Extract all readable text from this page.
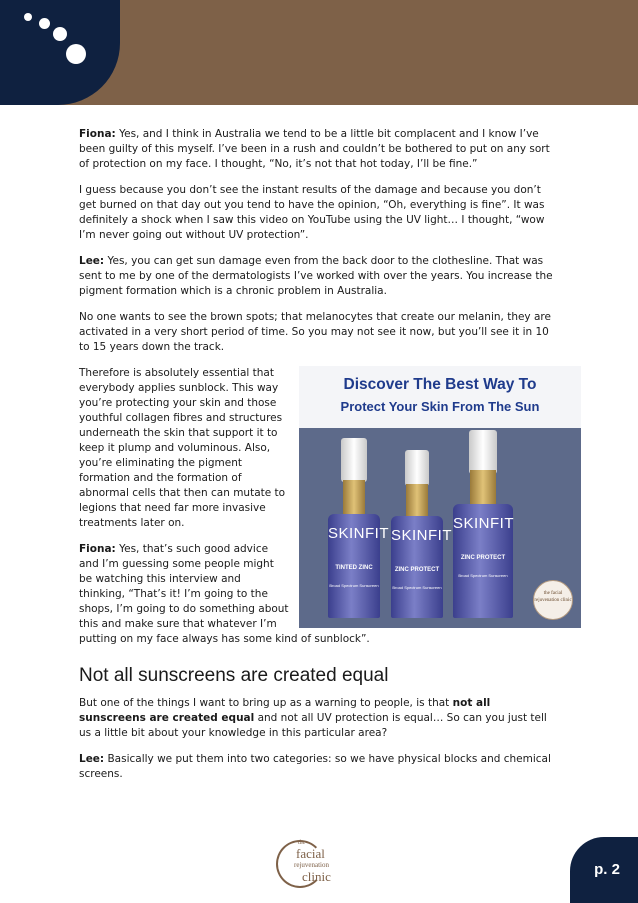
Fiona: Yes, and I think in Australia we tend to be a little bit complacent and I know I’ve been guilty of this myself. I’ve been in a rush and couldn’t be bothered to put on any sort of protection on my face. I thought, “No, it’s not that hot today, I’ll be fine.”

I guess because you don’t see the instant results of the damage and because you don’t get burned on that day out you tend to have the opinion, “Oh, everything is fine”. It was definitely a shock when I saw this video on YouTube using the UV light… I thought, “wow I’m never going out without UV protection”.

Lee: Yes, you can get sun damage even from the back door to the clothesline. That was sent to me by one of the dermatologists I’ve worked with over the years. You increase the pigment formation which is a chronic problem in Australia.

No one wants to see the brown spots; that melanocytes that create our melanin, they are activated in a very short period of time. So you may not see it now, but you’ll see it in 10 to 15 years down the track.

Discover The Best Way To
Protect Your Skin From The Sun
SKINFIT
TINTED ZINC
Broad Spectrum Sunscreen
SKINFIT
ZINC PROTECT
Broad Spectrum Sunscreen
SKINFIT
ZINC PROTECT
Broad Spectrum Sunscreen
the facial rejuvenation clinic

Therefore is absolutely essential that everybody applies sunblock. This way you’re protecting your skin and those youthful collagen fibres and structures underneath the skin that support it to keep it plump and voluminous. Also, you’re eliminating the pigment formation and the formation of abnormal cells that then can mutate to legions that need far more invasive treatments later on.

Fiona: Yes, that’s such good advice and I’m guessing some people might be watching this interview and thinking, “That’s it! I’m going to the shops, I’m going to do something about this and make sure that whatever I’m putting on my face always has some kind of sunblock”.

Not all sunscreens are created equal

But one of the things I want to bring up as a warning to people, is that not all sunscreens are created equal and not all UV protection is equal… So can you just tell us a little bit about your knowledge in this particular area?

Lee: Basically we put them into two categories: so we have physical blocks and chemical screens.

the
facial
rejuvenation
clinic	p. 2
